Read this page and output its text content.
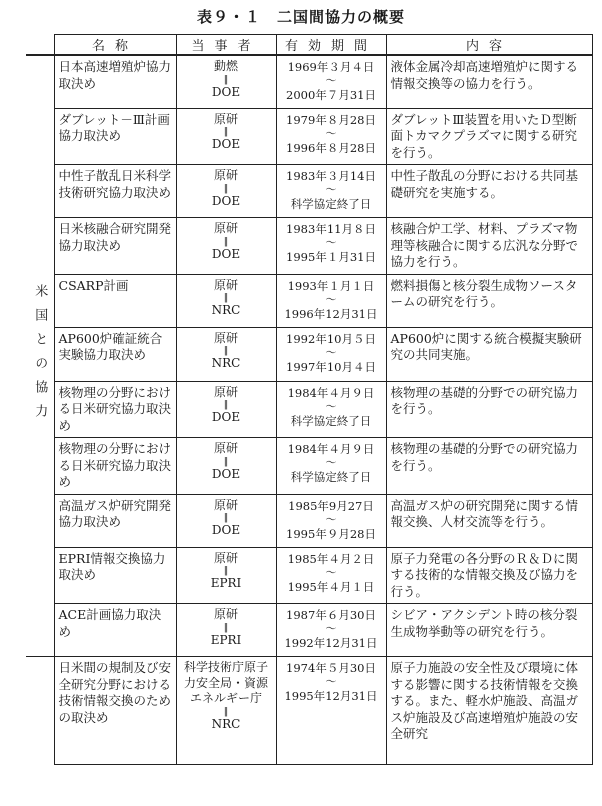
表９・１　二国間協力の概要
	名称	当事者	有効期間	内容

米国との協力	日本高速増殖炉協力取決め	動燃
‖
DOE	1969年３月４日
～
2000年７月31日	液体金属冷却高速増殖炉に関する情報交換等の協力を行う。
	ダブレット－Ⅲ計画協力取決め	原研
‖
DOE	1979年８月28日
～
1996年８月28日	ダブレットⅢ装置を用いたＤ型断面トカマクプラズマに関する研究を行う。
	中性子散乱日米科学技術研究協力取決め	原研
‖
DOE	1983年３月14日
～
科学協定終了日	中性子散乱の分野における共同基礎研究を実施する。
	日米核融合研究開発協力取決め	原研
‖
DOE	1983年11月８日
～
1995年１月31日	核融合炉工学、材料、プラズマ物理等核融合に関する広汎な分野で協力を行う。
	CSARP計画	原研
‖
NRC	1993年１月１日
～
1996年12月31日	燃料損傷と核分裂生成物ソースタームの研究を行う。
	AP600炉確証統合実験協力取決め	原研
‖
NRC	1992年10月５日
～
1997年10月４日	AP600炉に関する統合模擬実験研究の共同実施。
	核物理の分野における日米研究協力取決め	原研
‖
DOE	1984年４月９日
～
科学協定終了日	核物理の基礎的分野での研究協力を行う。
	核物理の分野における日米研究協力取決め	原研
‖
DOE	1984年４月９日
～
科学協定終了日	核物理の基礎的分野での研究協力を行う。
	高温ガス炉研究開発協力取決め	原研
‖
DOE	1985年9月27日
～
1995年９月28日	高温ガス炉の研究開発に関する情報交換、人材交流等を行う。
	EPRI情報交換協力取決め	原研
‖
EPRI	1985年４月２日
～
1995年４月１日	原子力発電の各分野のＲ＆Ｄに関する技術的な情報交換及び協力を行う。
	ACE計画協力取決め	原研
‖
EPRI	1987年６月30日
～
1992年12月31日	シビア・アクシデント時の核分裂生成物挙動等の研究を行う。
	日米間の規制及び安全研究分野における技術情報交換のための取決め	科学技術庁原子力安全局・資源エネルギー庁
‖
NRC	1974年５月30日
～
1995年12月31日	原子力施設の安全性及び環境に体する影響に関する技術情報を交換する。また、軽水炉施設、高温ガス炉施設及び高速増殖炉施設の安全研究
